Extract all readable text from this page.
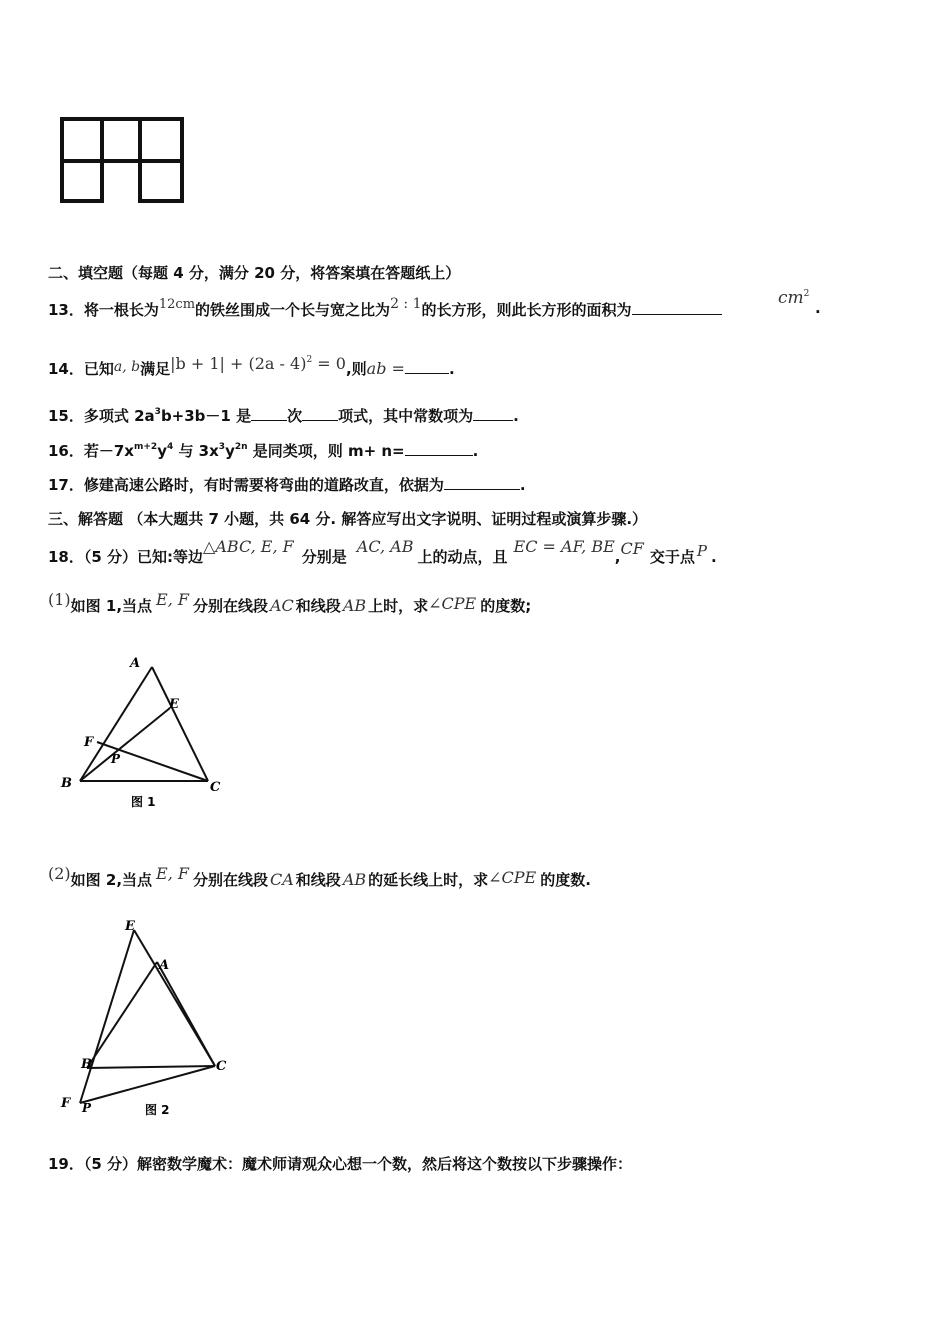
二、填空题（每题 4 分，满分 20 分，将答案填在答题纸上）
13．将一根长为12cm的铁丝围成一个长与宽之比为2 : 1的长方形，则此长方形的面积为
$cm^2$
.
14．已知a, b满足|b + 1| + (2a - 4)$^2$ = 0,则ab =	.
15．多项式 $2a^3b+3b-1$ 是 次 项式，其中常数项为	.
16．若$-7x^{m+2}y^4$ 与 $3x^3y^{2n}$ 是同类项，则 m+ n=	.
17．修建高速公路时，有时需要将弯曲的道路改直，依据为	.
三、解答题 （本大题共 7 小题，共 64 分. 解答应写出文字说明、证明过程或演算步骤.）
18．（5 分）已知:等边△ABC, E, F分别是AC, AB上的动点，且EC = AF, BE,CF 交于点 P .
(1)如图 1,当点 E, F 分别在线段 AC 和线段 AB 上时，求∠CPE 的度数;
A
E
F
P
B	C
图 1
(2)如图 2,当点 E, F 分别在线段 CA 和线段 AB 的延长线上时，求∠CPE 的度数.
E
A
B	C
F P	图 2
19．（5 分）解密数学魔术：魔术师请观众心想一个数，然后将这个数按以下步骤操作：
